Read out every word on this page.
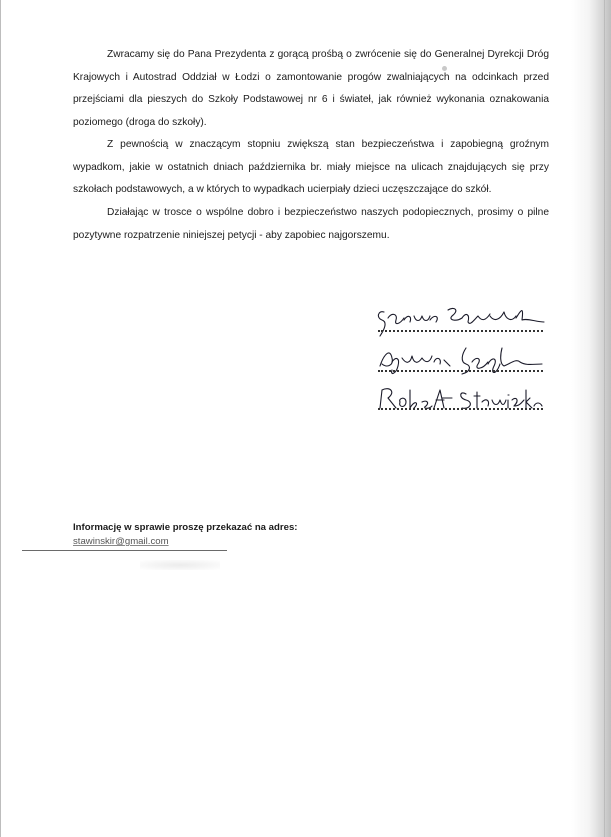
Zwracamy się do Pana Prezydenta z gorącą prośbą o zwrócenie się do Generalnej Dyrekcji Dróg Krajowych i Autostrad Oddział w Łodzi o zamontowanie progów zwalniających na odcinkach przed przejściami dla pieszych do Szkoły Podstawowej nr 6 i świateł, jak również wykonania oznakowania poziomego (droga do szkoły).

Z pewnością w znaczącym stopniu zwiększą stan bezpieczeństwa i zapobiegną groźnym wypadkom, jakie w ostatnich dniach października br. miały miejsce na ulicach znajdujących się przy szkołach podstawowych, a w których to wypadkach ucierpiały dzieci uczęszczające do szkół.

Działając w trosce o wspólne dobro i bezpieczeństwo naszych podopiecznych, prosimy o pilne pozytywne rozpatrzenie niniejszej petycji - aby zapobiec najgorszemu.

Informację w sprawie proszę przekazać na adres:
stawinskir@gmail.com
